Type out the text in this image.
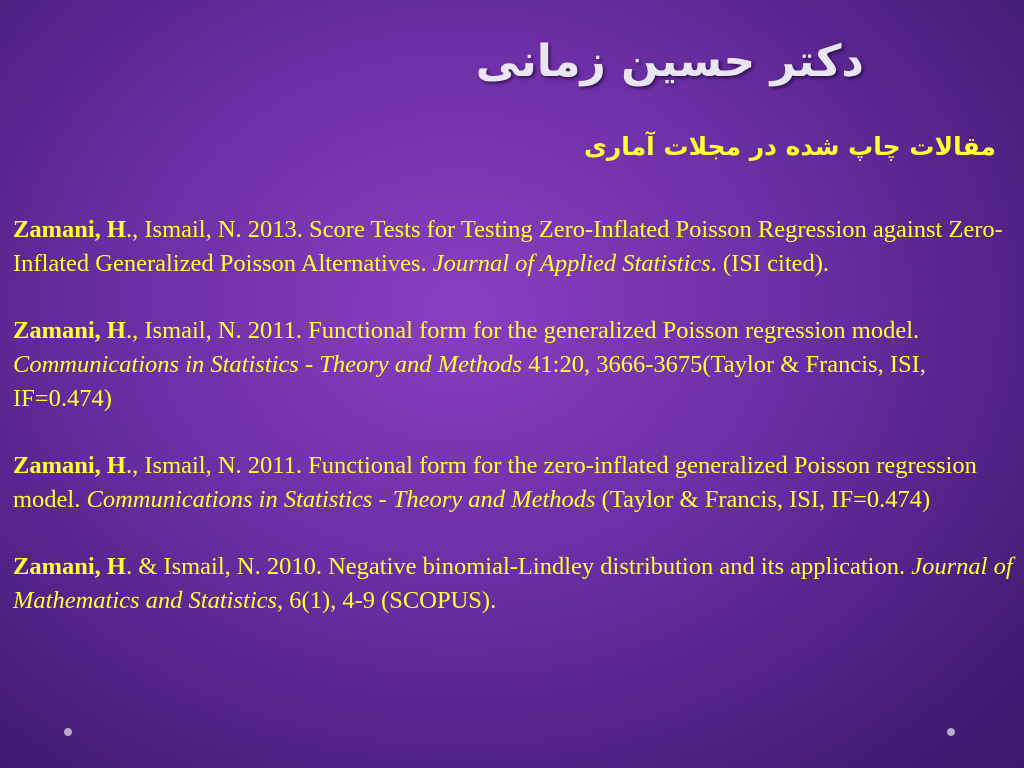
دکتر حسین زمانی
مقالات چاپ شده در مجلات آماری

Zamani, H., Ismail, N. 2013. Score Tests for Testing Zero-Inflated Poisson Regression against Zero-Inflated Generalized Poisson Alternatives. Journal of Applied Statistics. (ISI cited).

Zamani, H., Ismail, N. 2011. Functional form for the generalized Poisson regression model. Communications in Statistics - Theory and Methods 41:20, 3666-3675(Taylor & Francis, ISI, IF=0.474)

Zamani, H., Ismail, N. 2011. Functional form for the zero-inflated generalized Poisson regression model. Communications in Statistics - Theory and Methods (Taylor & Francis, ISI, IF=0.474)

Zamani, H. & Ismail, N. 2010. Negative binomial-Lindley distribution and its application. Journal of Mathematics and Statistics, 6(1), 4-9 (SCOPUS).
